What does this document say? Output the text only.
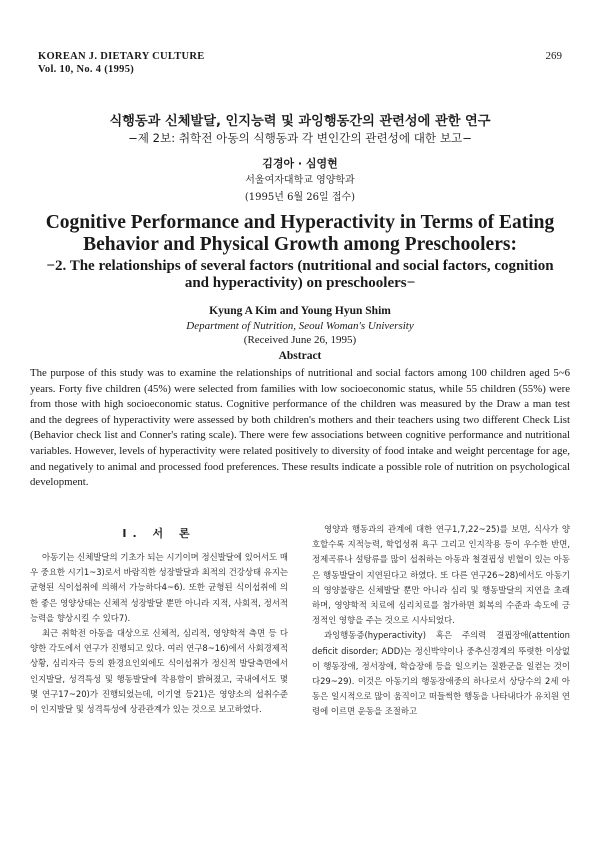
KOREAN J. DIETARY CULTURE
Vol. 10, No. 4 (1995)
269
식행동과 신체발달, 인지능력 및 과잉행동간의 관련성에 관한 연구
−제 2보: 취학전 아동의 식행동과 각 변인간의 관련성에 대한 보고−
김경아 · 심영현
서울여자대학교 영양학과
(1995년 6월 26일 접수)
Cognitive Performance and Hyperactivity in Terms of Eating Behavior and Physical Growth among Preschoolers:
−2. The relationships of several factors (nutritional and social factors, cognition and hyperactivity) on preschoolers−
Kyung A Kim and Young Hyun Shim
Department of Nutrition, Seoul Woman's University
(Received June 26, 1995)
Abstract
The purpose of this study was to examine the relationships of nutritional and social factors among 100 children aged 5~6 years. Forty five children (45%) were selected from families with low socioeconomic status, while 55 children (55%) were from those with high socioeconomic status. Cognitive performance of the children was measured by the Draw a man test and the degrees of hyperactivity were assessed by both children's mothers and their teachers using two different Check List (Behavior check list and Conner's rating scale). There were few associations between cognitive performance and nutritional variables. However, levels of hyperactivity were related positively to diversity of food intake and weight percentage for age, and negatively to animal and processed food preferences. These results indicate a possible role of nutrition on psychological development.
I. 서 론

아동기는 신체발달의 기초가 되는 시기이며 정신발달에 있어서도 매우 중요한 시기1~3)로서 바람직한 성장발달과 최적의 건강상태 유지는 균형된 식이섭취에 의해서 가능하다4~6). 또한 균형된 식이섭취에 의한 좋은 영양상태는 신체적 성장발달 뿐만 아니라 지적, 사회적, 정서적 능력을 향상시킬 수 있다7).

최근 취학전 아동을 대상으로 신체적, 심리적, 영양학적 측면 등 다양한 각도에서 연구가 진행되고 있다. 여러 연구8~16)에서 사회경제적 상황, 심리자극 등의 환경요인외에도 식이섭취가 정신적 발달측면에서 인지발달, 성격특성 및 행동발달에 작용함이 밝혀졌고, 국내에서도 몇몇 연구17~20)가 진행되었는데, 이기열 등21)은 영양소의 섭취수준이 인지발달 및 성격특성에 상관관계가 있는 것으로 보고하였다.

영양과 행동과의 관계에 대한 연구1,7,22~25)를 보면, 식사가 양호할수록 지적능력, 학업성취 욕구 그리고 인지작용 등이 우수한 반면, 정제곡류나 설탕류를 많이 섭취하는 아동과 철결핍성 빈혈이 있는 아동은 행동발달이 지연된다고 하였다. 또 다른 연구26~28)에서도 아동기의 영양불량은 신체발달 뿐만 아니라 심리 및 행동발달의 지연을 초래하며, 영양학적 치료에 심리치료를 첨가하면 회복의 수준과 속도에 긍정적인 영향을 주는 것으로 시사되었다.

과잉행동증(hyperactivity) 혹은 주의력 결핍장애(attention deficit disorder; ADD)는 정신박약이나 중추신경계의 뚜렷한 이상없이 행동장애, 정서장애, 학습장애 등을 일으키는 질환군을 일컫는 것이다29~29). 이것은 아동기의 행동장애중의 하나로서 상당수의 2세 아동은 일시적으로 많이 움직이고 떠들썩한 행동을 나타내다가 유치원 연령에 이르면 운동을 조절하고
